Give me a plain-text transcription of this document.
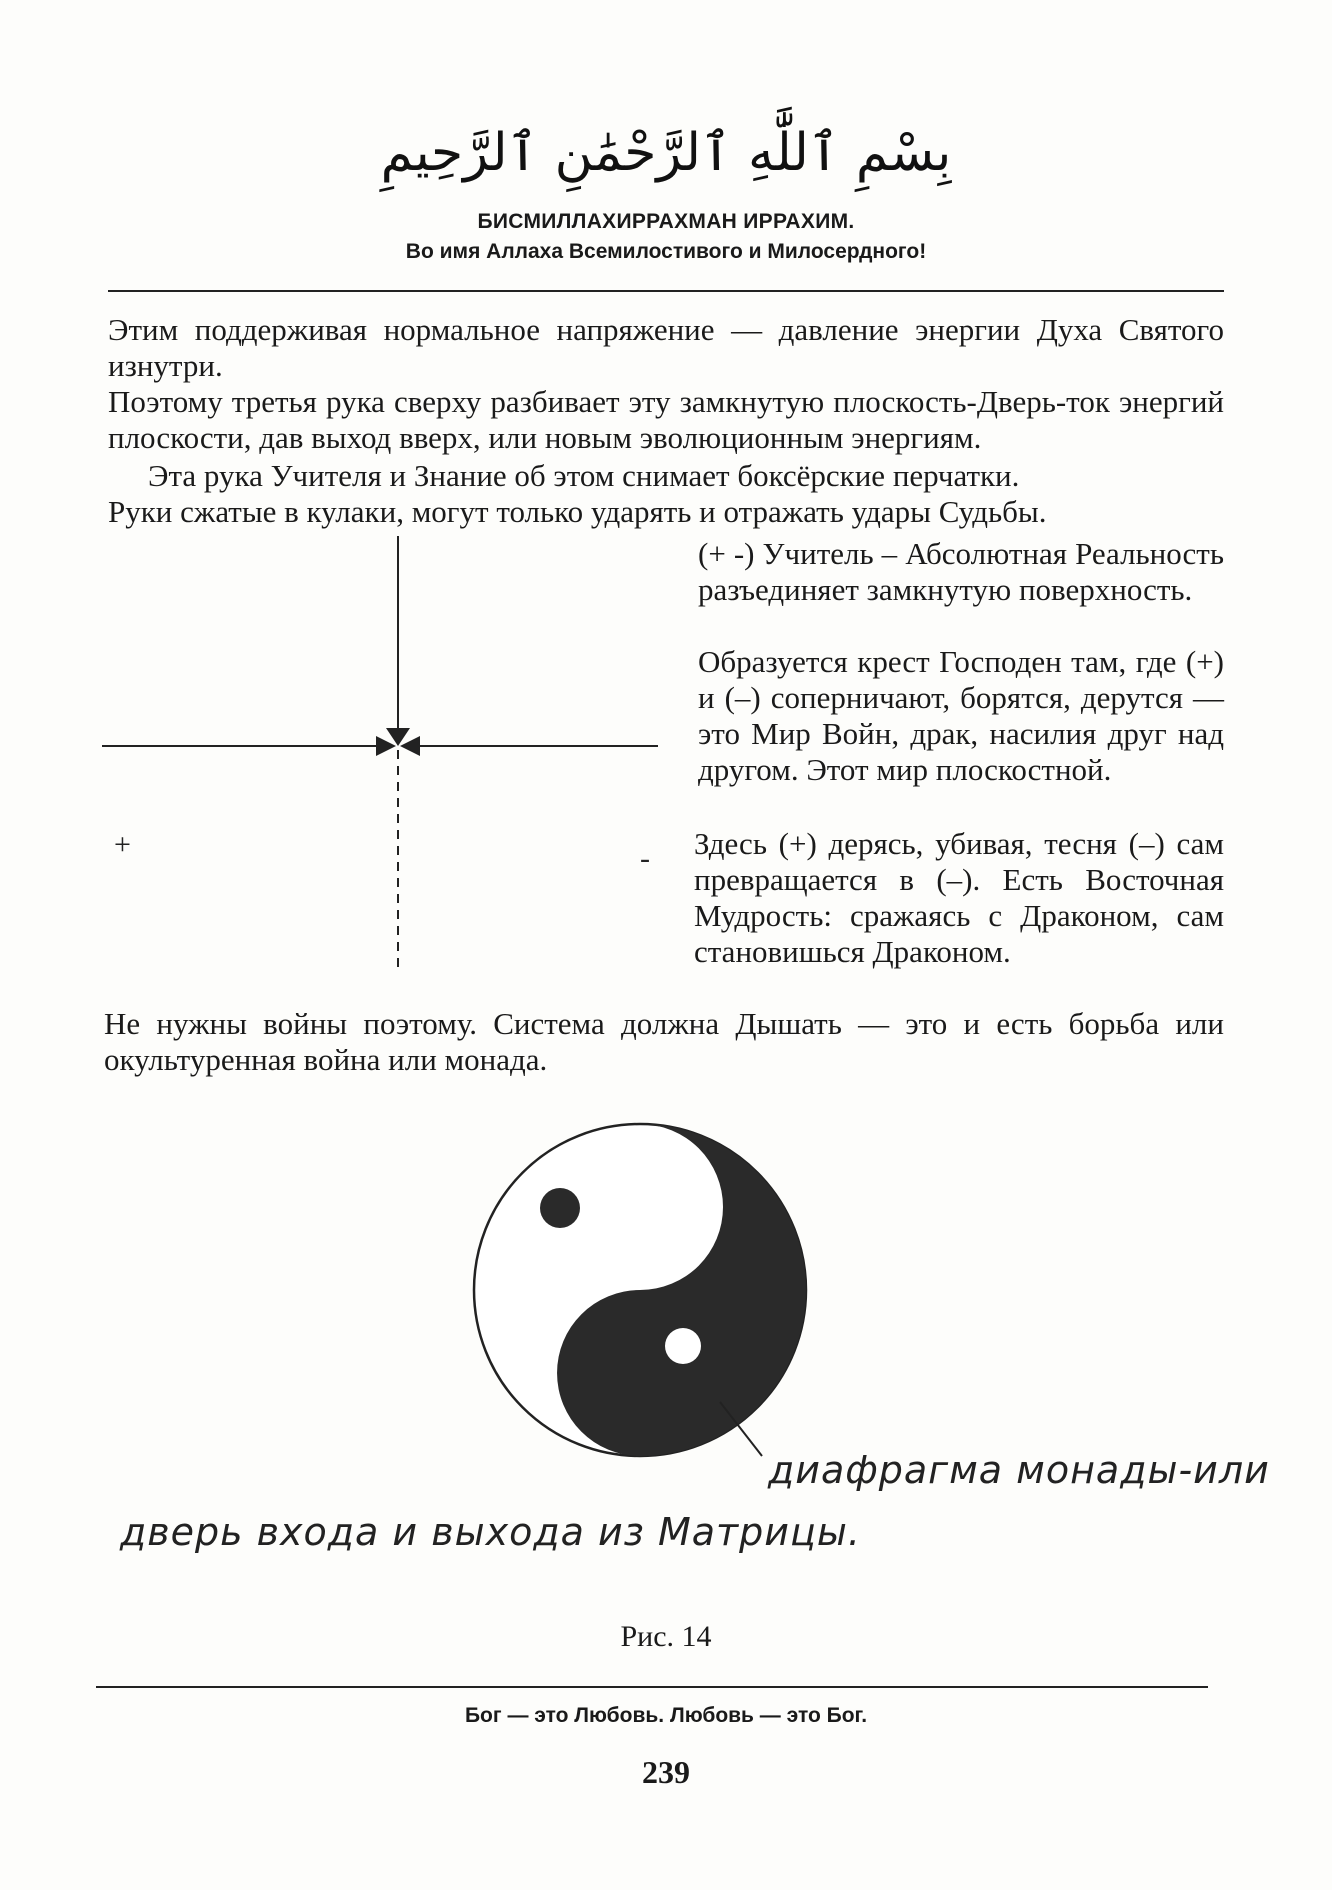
بِسْمِ ٱللَّٰهِ ٱلرَّحْمَٰنِ ٱلرَّحِيمِ
БИСМИЛЛАХИРРАХМАН ИРРАХИМ.
Во имя Аллаха Всемилостивого и Милосердного!

Этим поддерживая нормальное напряжение — давление энергии Духа Святого изнутри.

Поэтому третья рука сверху разбивает эту замкнутую плоскость-Дверь-ток энергий плоскости, дав выход вверх, или новым эволюционным энергиям.

Эта рука Учителя и Знание об этом снимает боксёрские перчатки.

Руки сжатые в кулаки, могут только ударять и отражать удары Судьбы.

+	-

(+ -) Учитель – Абсолютная Реальность разъединяет замкнутую поверхность.

Образуется крест Господен там, где (+) и (–) соперничают, борятся, дерутся — это Мир Войн, драк, насилия друг над другом. Этот мир плоскостной.

Здесь (+) дерясь, убивая, тесня (–) сам превращается в (–). Есть Восточная Мудрость: сражаясь с Драконом, сам становишься Драконом.

Не нужны войны поэтому. Система должна Дышать — это и есть борьба или окультуренная война или монада.

диафрагма монады-или
дверь входа и выхода из Матрицы.
Рис. 14
Бог — это Любовь. Любовь — это Бог.
239
